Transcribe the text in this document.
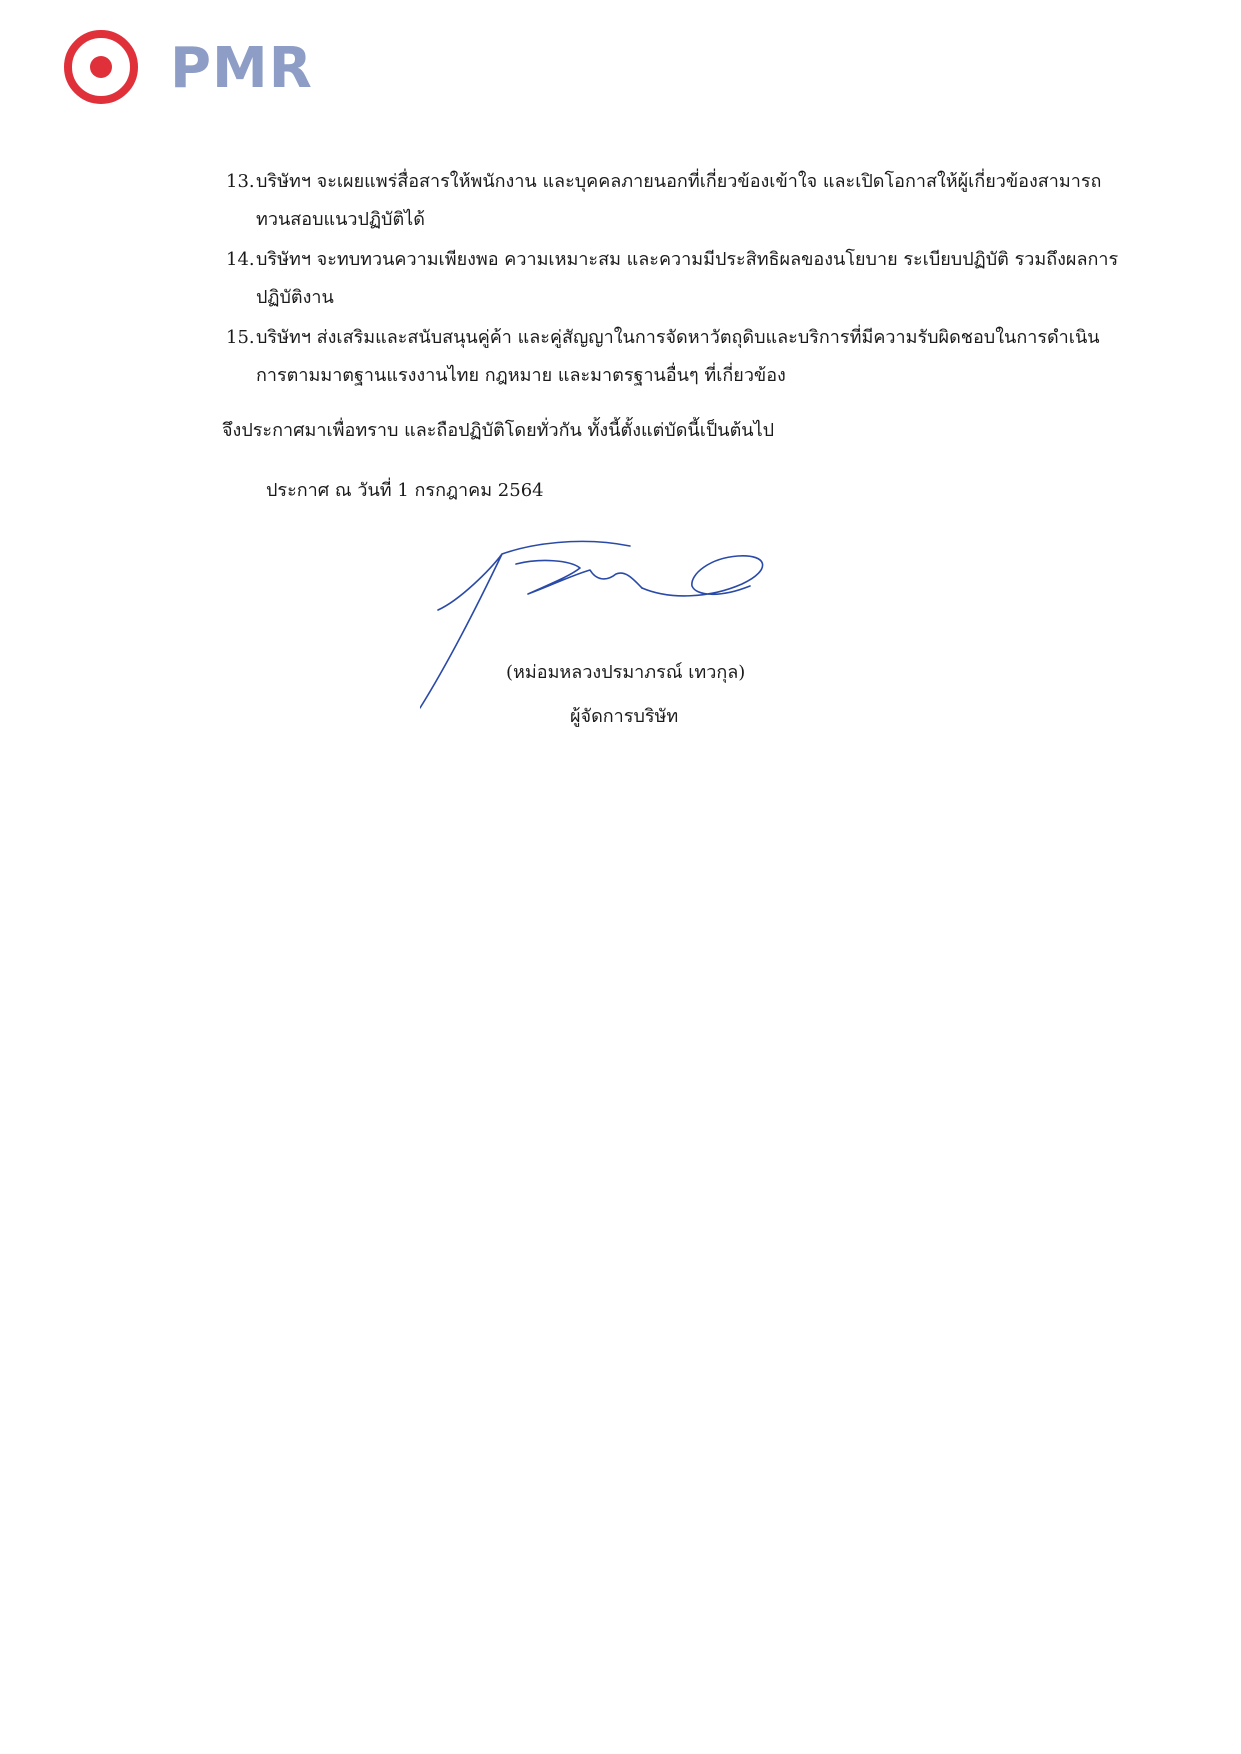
PMR
13. บริษัทฯ จะเผยแพร่สื่อสารให้พนักงาน และบุคคลภายนอกที่เกี่ยวข้องเข้าใจ และเปิดโอกาสให้ผู้เกี่ยวข้องสามารถทวนสอบแนวปฏิบัติได้
14. บริษัทฯ จะทบทวนความเพียงพอ ความเหมาะสม และความมีประสิทธิผลของนโยบาย ระเบียบปฏิบัติ รวมถึงผลการปฏิบัติงาน
15. บริษัทฯ ส่งเสริมและสนับสนุนคู่ค้า และคู่สัญญาในการจัดหาวัตถุดิบและบริการที่มีความรับผิดชอบในการดำเนินการตามมาตฐานแรงงานไทย กฎหมาย และมาตรฐานอื่นๆ ที่เกี่ยวข้อง
จึงประกาศมาเพื่อทราบ และถือปฏิบัติโดยทั่วกัน ทั้งนี้ตั้งแต่บัดนี้เป็นต้นไป
ประกาศ ณ วันที่ 1 กรกฎาคม 2564
(หม่อมหลวงปรมาภรณ์ เทวกุล)
ผู้จัดการบริษัท
